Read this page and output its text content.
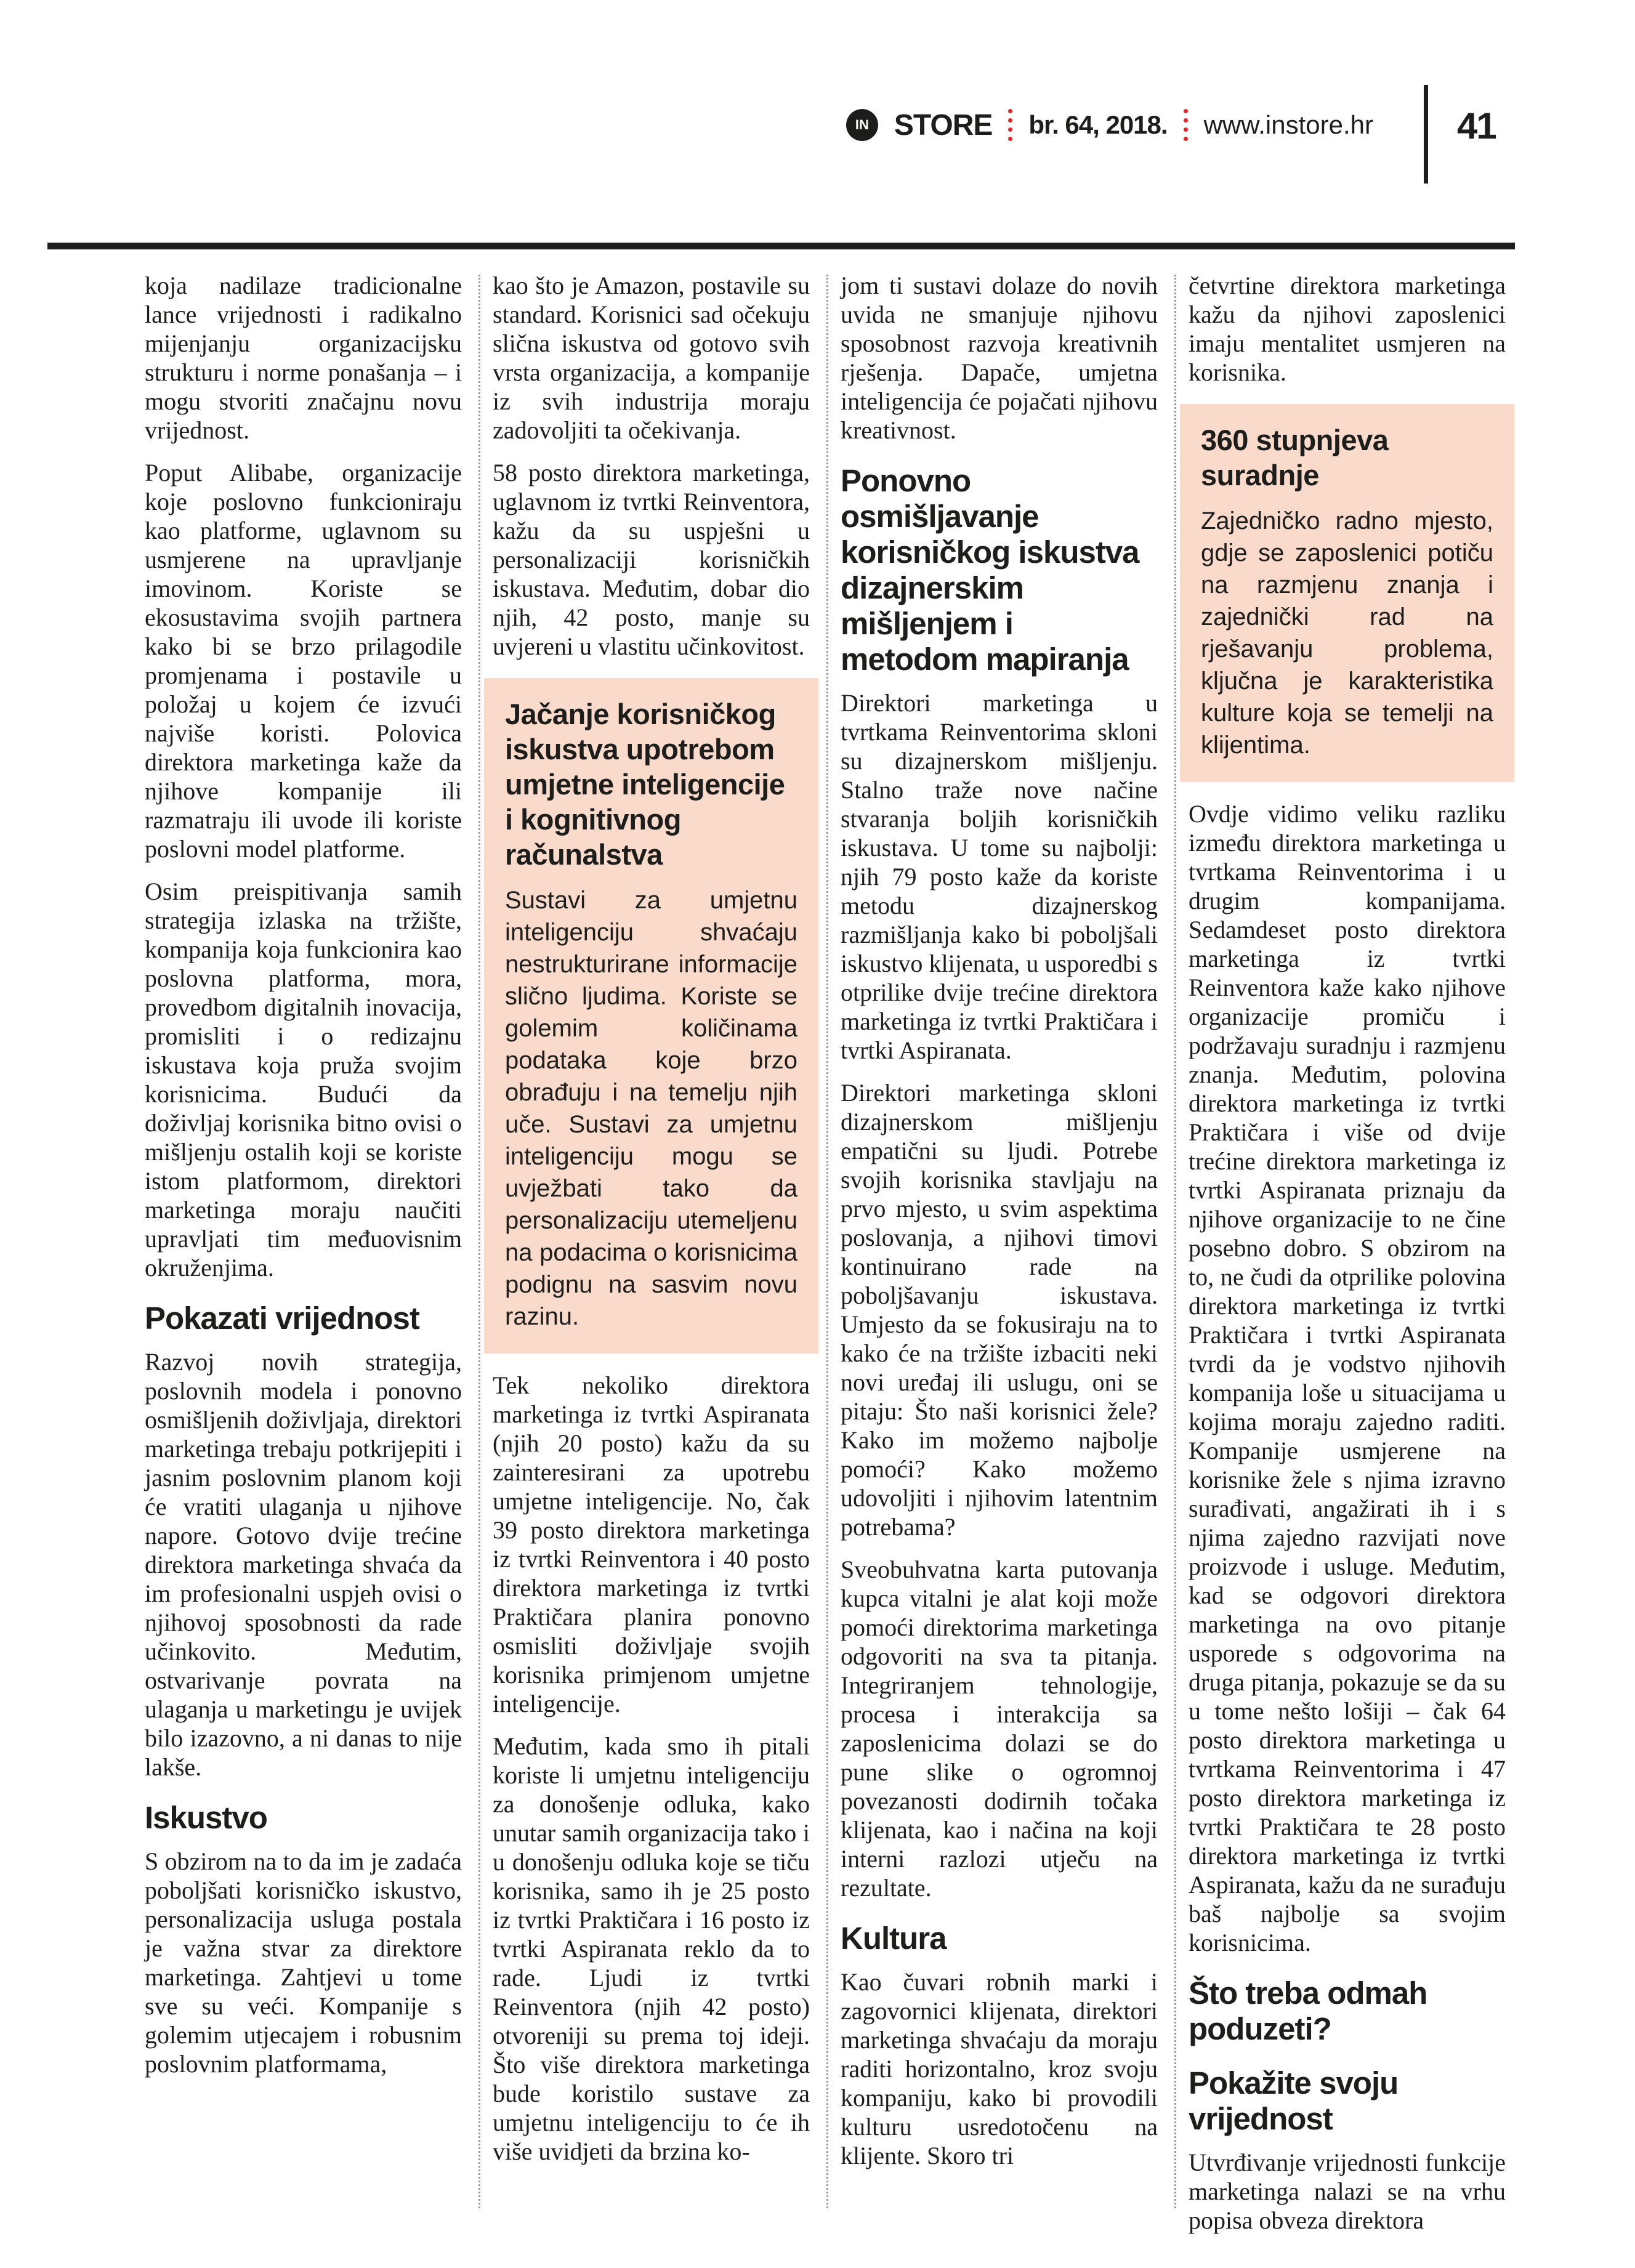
IN STORE br. 64, 2018. www.instore.hr 41

koja nadilaze tradicionalne lance vrijednosti i radikalno mijenjanju organizacijsku strukturu i norme ponašanja – i mogu stvoriti značajnu novu vrijednost.

Poput Alibabe, organizacije koje poslovno funkcioniraju kao platforme, uglavnom su usmjerene na upravljanje imovinom. Koriste se ekosustavima svojih partnera kako bi se brzo prilagodile promjenama i postavile u položaj u kojem će izvući najviše koristi. Polovica direktora marketinga kaže da njihove kompanije ili razmatraju ili uvode ili koriste poslovni model platforme.

Osim preispitivanja samih strategija izlaska na tržište, kompanija koja funkcionira kao poslovna platforma, mora, provedbom digitalnih inovacija, promisliti i o redizajnu iskustava koja pruža svojim korisnicima. Budući da doživljaj korisnika bitno ovisi o mišljenju ostalih koji se koriste istom platformom, direktori marketinga moraju naučiti upravljati tim međuovisnim okruženjima.

Pokazati vrijednost

Razvoj novih strategija, poslovnih modela i ponovno osmišljenih doživljaja, direktori marketinga trebaju potkrijepiti i jasnim poslovnim planom koji će vratiti ulaganja u njihove napore. Gotovo dvije trećine direktora marketinga shvaća da im profesionalni uspjeh ovisi o njihovoj sposobnosti da rade učinkovito. Međutim, ostvarivanje povrata na ulaganja u marketingu je uvijek bilo izazovno, a ni danas to nije lakše.

Iskustvo

S obzirom na to da im je zadaća poboljšati korisničko iskustvo, personalizacija usluga postala je važna stvar za direktore marketinga. Zahtjevi u tome sve su veći. Kompanije s golemim utjecajem i robusnim poslovnim platformama,

kao što je Amazon, postavile su standard. Korisnici sad očekuju slična iskustva od gotovo svih vrsta organizacija, a kompanije iz svih industrija moraju zadovoljiti ta očekivanja.

58 posto direktora marketinga, uglavnom iz tvrtki Reinventora, kažu da su uspješni u personalizaciji korisničkih iskustava. Međutim, dobar dio njih, 42 posto, manje su uvjereni u vlastitu učinkovitost.

Jačanje korisničkog iskustva upotrebom umjetne inteligencije i kognitivnog računalstva

Sustavi za umjetnu inteligenciju shvaćaju nestrukturirane informacije slično ljudima. Koriste se golemim količinama podataka koje brzo obrađuju i na temelju njih uče. Sustavi za umjetnu inteligenciju mogu se uvježbati tako da personalizaciju utemeljenu na podacima o korisnicima podignu na sasvim novu razinu.

Tek nekoliko direktora marketinga iz tvrtki Aspiranata (njih 20 posto) kažu da su zainteresirani za upotrebu umjetne inteligencije. No, čak 39 posto direktora marketinga iz tvrtki Reinventora i 40 posto direktora marketinga iz tvrtki Praktičara planira ponovno osmisliti doživljaje svojih korisnika primjenom umjetne inteligencije.

Međutim, kada smo ih pitali koriste li umjetnu inteligenciju za donošenje odluka, kako unutar samih organizacija tako i u donošenju odluka koje se tiču korisnika, samo ih je 25 posto iz tvrtki Praktičara i 16 posto iz tvrtki Aspiranata reklo da to rade. Ljudi iz tvrtki Reinventora (njih 42 posto) otvoreniji su prema toj ideji. Što više direktora marketinga bude koristilo sustave za umjetnu inteligenciju to će ih više uvidjeti da brzina ko-

jom ti sustavi dolaze do novih uvida ne smanjuje njihovu sposobnost razvoja kreativnih rješenja. Dapače, umjetna inteligencija će pojačati njihovu kreativnost.

Ponovno osmišljavanje korisničkog iskustva dizajnerskim mišljenjem i metodom mapiranja

Direktori marketinga u tvrtkama Reinventorima skloni su dizajnerskom mišljenju. Stalno traže nove načine stvaranja boljih korisničkih iskustava. U tome su najbolji: njih 79 posto kaže da koriste metodu dizajnerskog razmišljanja kako bi poboljšali iskustvo klijenata, u usporedbi s otprilike dvije trećine direktora marketinga iz tvrtki Praktičara i tvrtki Aspiranata.

Direktori marketinga skloni dizajnerskom mišljenju empatični su ljudi. Potrebe svojih korisnika stavljaju na prvo mjesto, u svim aspektima poslovanja, a njihovi timovi kontinuirano rade na poboljšavanju iskustava. Umjesto da se fokusiraju na to kako će na tržište izbaciti neki novi uređaj ili uslugu, oni se pitaju: Što naši korisnici žele? Kako im možemo najbolje pomoći? Kako možemo udovoljiti i njihovim latentnim potrebama?

Sveobuhvatna karta putovanja kupca vitalni je alat koji može pomoći direktorima marketinga odgovoriti na sva ta pitanja. Integriranjem tehnologije, procesa i interakcija sa zaposlenicima dolazi se do pune slike o ogromnoj povezanosti dodirnih točaka klijenata, kao i načina na koji interni razlozi utječu na rezultate.

Kultura

Kao čuvari robnih marki i zagovornici klijenata, direktori marketinga shvaćaju da moraju raditi horizontalno, kroz svoju kompaniju, kako bi provodili kulturu usredotočenu na klijente. Skoro tri

četvrtine direktora marketinga kažu da njihovi zaposlenici imaju mentalitet usmjeren na korisnika.

360 stupnjeva suradnje

Zajedničko radno mjesto, gdje se zaposlenici potiču na razmjenu znanja i zajednički rad na rješavanju problema, ključna je karakteristika kulture koja se temelji na klijentima.

Ovdje vidimo veliku razliku između direktora marketinga u tvrtkama Reinventorima i u drugim kompanijama. Sedamdeset posto direktora marketinga iz tvrtki Reinventora kaže kako njihove organizacije promiču i podržavaju suradnju i razmjenu znanja. Međutim, polovina direktora marketinga iz tvrtki Praktičara i više od dvije trećine direktora marketinga iz tvrtki Aspiranata priznaju da njihove organizacije to ne čine posebno dobro. S obzirom na to, ne čudi da otprilike polovina direktora marketinga iz tvrtki Praktičara i tvrtki Aspiranata tvrdi da je vodstvo njihovih kompanija loše u situacijama u kojima moraju zajedno raditi. Kompanije usmjerene na korisnike žele s njima izravno surađivati, angažirati ih i s njima zajedno razvijati nove proizvode i usluge. Međutim, kad se odgovori direktora marketinga na ovo pitanje usporede s odgovorima na druga pitanja, pokazuje se da su u tome nešto lošiji – čak 64 posto direktora marketinga u tvrtkama Reinventorima i 47 posto direktora marketinga iz tvrtki Praktičara te 28 posto direktora marketinga iz tvrtki Aspiranata, kažu da ne surađuju baš najbolje sa svojim korisnicima.

Što treba odmah poduzeti?
Pokažite svoju vrijednost

Utvrđivanje vrijednosti funkcije marketinga nalazi se na vrhu popisa obveza direktora
